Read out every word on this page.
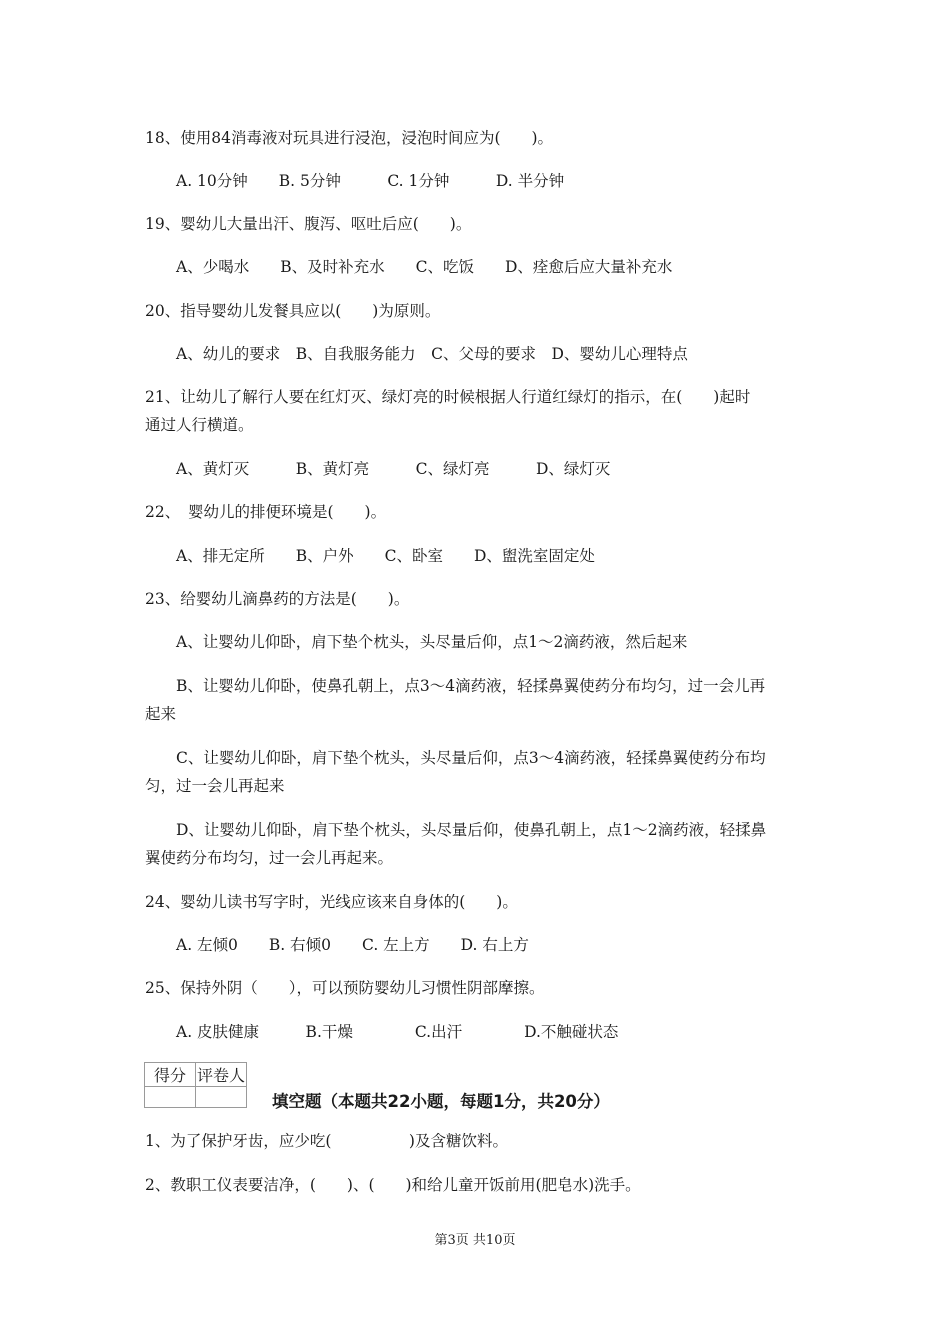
18、使用84消毒液对玩具进行浸泡，浸泡时间应为(　　)。
A. 10分钟　　B. 5分钟　　　C. 1分钟　　　D. 半分钟
19、婴幼儿大量出汗、腹泻、呕吐后应(　　)。
A、少喝水　　B、及时补充水　　C、吃饭　　D、痊愈后应大量补充水
20、指导婴幼儿发餐具应以(　　)为原则。
A、幼儿的要求　B、自我服务能力　C、父母的要求　D、婴幼儿心理特点
21、让幼儿了解行人要在红灯灭、绿灯亮的时候根据人行道红绿灯的指示，在(　　)起时
通过人行横道。
A、黄灯灭　　　B、黄灯亮　　　C、绿灯亮　　　D、绿灯灭
22、　婴幼儿的排便环境是(　　)。
A、排无定所　　B、户外　　C、卧室　　D、盥洗室固定处
23、给婴幼儿滴鼻药的方法是(　　)。
A、让婴幼儿仰卧，肩下垫个枕头，头尽量后仰，点1～2滴药液，然后起来
B、让婴幼儿仰卧，使鼻孔朝上，点3～4滴药液，轻揉鼻翼使药分布均匀，过一会儿再
起来
C、让婴幼儿仰卧，肩下垫个枕头，头尽量后仰，点3～4滴药液，轻揉鼻翼使药分布均
匀，过一会儿再起来
D、让婴幼儿仰卧，肩下垫个枕头，头尽量后仰，使鼻孔朝上，点1～2滴药液，轻揉鼻
翼使药分布均匀，过一会儿再起来。
24、婴幼儿读书写字时，光线应该来自身体的(　　)。
A. 左倾0　　B. 右倾0　　C. 左上方　　D. 右上方
25、保持外阴（　　），可以预防婴幼儿习惯性阴部摩擦。
A. 皮肤健康　　　B.干燥　　　　C.出汗　　　　D.不触碰状态
得分	评卷人

填空题（本题共22小题，每题1分，共20分）
1、为了保护牙齿，应少吃(　　　　　)及含糖饮料。
2、教职工仪表要洁净，(　　)、(　　)和给儿童开饭前用(肥皂水)洗手。
第3页 共10页
